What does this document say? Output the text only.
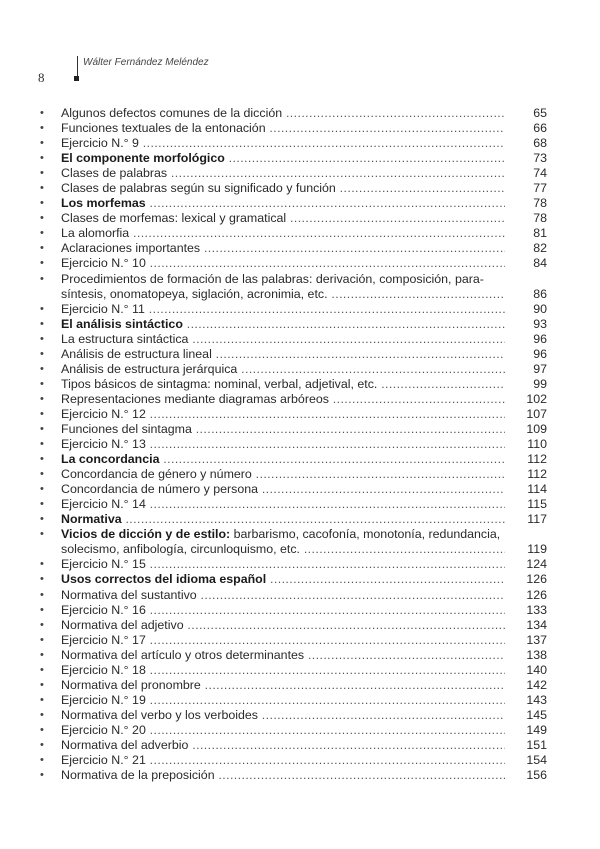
Wálter Fernández Meléndez
8
• Algunos defectos comunes de la dicción .....	65
• Funciones textuales de la entonación .....	66
• Ejercicio N.° 9 .....	68
• El componente morfológico .....	73
• Clases de palabras .....	74
• Clases de palabras según su significado y función .....	77
• Los morfemas .....	78
• Clases de morfemas: lexical y gramatical .....	78
• La alomorfia .....	81
• Aclaraciones importantes .....	82
• Ejercicio N.° 10 .....	84
• Procedimientos de formación de las palabras: derivación, composición, para-
síntesis, onomatopeya, siglación, acronimia, etc. .....	86
• Ejercicio N.° 11 .....	90
• El análisis sintáctico .....	93
• La estructura sintáctica .....	96
• Análisis de estructura lineal .....	96
• Análisis de estructura jerárquica .....	97
• Tipos básicos de sintagma: nominal, verbal, adjetival, etc. .....	99
• Representaciones mediante diagramas arbóreos .....	102
• Ejercicio N.° 12 .....	107
• Funciones del sintagma .....	109
• Ejercicio N.° 13 .....	110
• La concordancia .....	112
• Concordancia de género y número .....	112
• Concordancia de número y persona .....	114
• Ejercicio N.° 14 .....	115
• Normativa .....	117
• Vicios de dicción y de estilo: barbarismo, cacofonía, monotonía, redundancia,
solecismo, anfibología, circunloquismo, etc. .....	119
• Ejercicio N.° 15 .....	124
• Usos correctos del idioma español .....	126
• Normativa del sustantivo .....	126
• Ejercicio N.° 16 .....	133
• Normativa del adjetivo .....	134
• Ejercicio N.° 17 .....	137
• Normativa del artículo y otros determinantes .....	138
• Ejercicio N.° 18 .....	140
• Normativa del pronombre .....	142
• Ejercicio N.° 19 .....	143
• Normativa del verbo y los verboides .....	145
• Ejercicio N.° 20 .....	149
• Normativa del adverbio .....	151
• Ejercicio N.° 21 .....	154
• Normativa de la preposición .....	156
